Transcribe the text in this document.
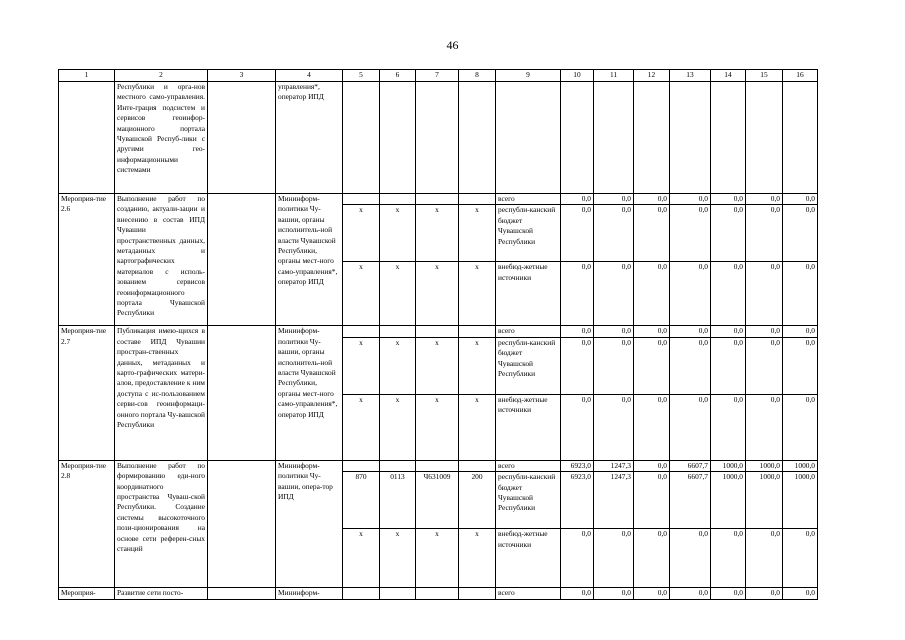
46
1	2	3	4	5	6	7	8	9	10	11	12	13	14	15	16
	Республики и орга-нов местного само-управления. Инте-грация подсистем и сервисов геоинфор-мационного портала Чувашской Респуб-лики с другими гео-информационными системами		управления*, оператор ИПД												
Мероприя-тие 2.6	Выполнение работ по созданию, актуали-зации и внесению в состав ИПД Чувашии пространственных данных, метаданных и картографических материалов с исполь-зованием сервисов геоинформационного портала Чувашской Республики		Мининформ-политики Чу-вашии, органы исполнитель-ной власти Чувашской Республики, органы мест-ного само-управления*, оператор ИПД					всего	0,0	0,0	0,0	0,0	0,0	0,0	0,0
				x	x	x	x	республи-канский бюджет Чувашской Республики	0,0	0,0	0,0	0,0	0,0	0,0	0,0
				x	x	x	x	внебюд-жетные источники	0,0	0,0	0,0	0,0	0,0	0,0	0,0
Мероприя-тие 2.7	Публикация имею-щихся в составе ИПД Чувашии простран-ственных данных, метаданных и карто-графических матери-алов, предоставление к ним доступа с ис-пользованием серви-сов геоинформаци-онного портала Чу-вашской Республики		Мининформ-политики Чу-вашии, органы исполнитель-ной власти Чувашской Республики, органы мест-ного само-управления*, оператор ИПД					всего	0,0	0,0	0,0	0,0	0,0	0,0	0,0
				x	x	x	x	республи-канский бюджет Чувашской Республики	0,0	0,0	0,0	0,0	0,0	0,0	0,0
				x	x	x	x	внебюд-жетные источники	0,0	0,0	0,0	0,0	0,0	0,0	0,0
Мероприя-тие 2.8	Выполнение работ по формированию еди-ного координатного пространства Чуваш-ской Республики. Создание системы высокоточного пози-ционирования на основе сети референ-сных станций		Мининформ-политики Чу-вашии, опера-тор ИПД					всего	6923,0	1247,3	0,0	6607,7	1000,0	1000,0	1000,0
				870	0113	Ч631009	200	республи-канский бюджет Чувашской Республики	6923,0	1247,3	0,0	6607,7	1000,0	1000,0	1000,0
				x	x	x	x	внебюд-жетные источники	0,0	0,0	0,0	0,0	0,0	0,0	0,0
Мероприя-	Развитие сети посто-		Мининформ-					всего	0,0	0,0	0,0	0,0	0,0	0,0	0,0
